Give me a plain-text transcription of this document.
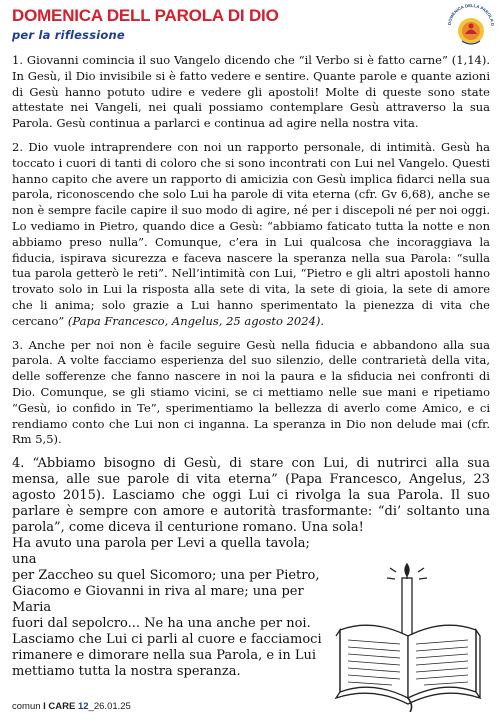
DOMENICA DELL PAROLA DI DIO
per la riflessione
DOMENICA DELLA PAROLA D

1. Giovanni comincia il suo Vangelo dicendo che “il Verbo si è fatto carne” (1,14). In Gesù, il Dio invisibile si è fatto vedere e sentire. Quante parole e quante azioni di Gesù hanno potuto udire e vedere gli apostoli! Molte di queste sono state attestate nei Vangeli, nei quali possiamo contemplare Gesù attraverso la sua Parola. Gesù continua a parlarci e continua ad agire nella nostra vita.

2. Dio vuole intraprendere con noi un rapporto personale, di intimità. Gesù ha toccato i cuori di tanti di coloro che si sono incontrati con Lui nel Vangelo. Questi hanno capito che avere un rapporto di amicizia con Gesù implica fidarci nella sua parola, riconoscendo che solo Lui ha parole di vita eterna (cfr. Gv 6,68), anche se non è sempre facile capire il suo modo di agire, né per i discepoli né per noi oggi. Lo vediamo in Pietro, quando dice a Gesù: “abbiamo faticato tutta la notte e non abbiamo preso nulla”. Comunque, c’era in Lui qualcosa che incoraggiava la fiducia, ispirava sicurezza e faceva nascere la speranza nella sua Parola: “sulla tua parola getterò le reti”. Nell’intimità con Lui, “Pietro e gli altri apostoli hanno trovato solo in Lui la risposta alla sete di vita, la sete di gioia, la sete di amore che li anima; solo grazie a Lui hanno sperimentato la pienezza di vita che cercano” (Papa Francesco, Angelus, 25 agosto 2024).

3. Anche per noi non è facile seguire Gesù nella fiducia e abbandono alla sua parola. A volte facciamo esperienza del suo silenzio, delle contrarietà della vita, delle sofferenze che fanno nascere in noi la paura e la sfiducia nei confronti di Dio. Comunque, se gli stiamo vicini, se ci mettiamo nelle sue mani e ripetiamo “Gesù, io confido in Te”, sperimentiamo la bellezza di averlo come Amico, e ci rendiamo conto che Lui non ci inganna. La speranza in Dio non delude mai (cfr. Rm 5,5).

4. “Abbiamo bisogno di Gesù, di stare con Lui, di nutrirci alla sua mensa, alle sue parole di vita eterna” (Papa Francesco, Angelus, 23 agosto 2015). Lasciamo che oggi Lui ci rivolga la sua Parola. Il suo parlare è sempre con amore e autorità trasformante: “di’ soltanto una parola”, come diceva il centurione romano. Una sola!
Ha avuto una parola per Levi a quella tavola; una
per Zaccheo su quel Sicomoro; una per Pietro,
Giacomo e Giovanni in riva al mare; una per Maria
fuori dal sepolcro... Ne ha una anche per noi.
Lasciamo che Lui ci parli al cuore e facciamoci
rimanere e dimorare nella sua Parola, e in Lui
mettiamo tutta la nostra speranza.
comun I CARE 12_26.01.25
